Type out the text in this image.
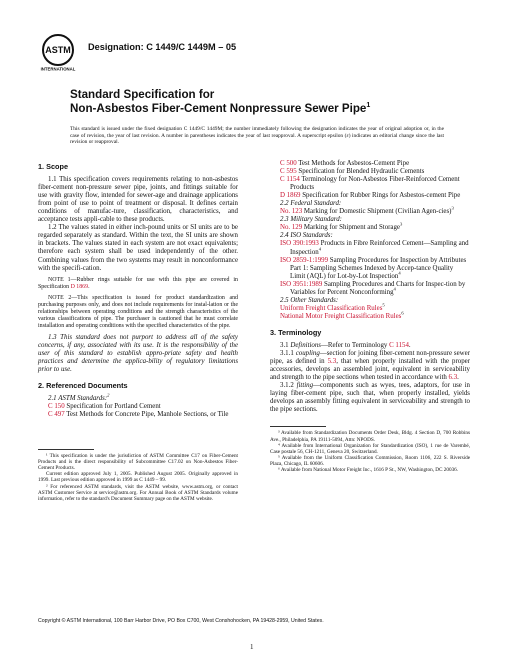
ASTM
INTERNATIONAL
Designation: C 1449/C 1449M – 05
Standard Specification for
Non-Asbestos Fiber-Cement Nonpressure Sewer Pipe$^1$
This standard is issued under the fixed designation C 1449/C 1449M; the number immediately following the designation indicates the year of original adoption or, in the case of revision, the year of last revision. A number in parentheses indicates the year of last reapproval. A superscript epsilon (ε) indicates an editorial change since the last revision or reapproval.
1. Scope

1.1 This specification covers requirements relating to non-asbestos fiber-cement non-pressure sewer pipe, joints, and fittings suitable for use with gravity flow, intended for sewer-age and drainage applications from point of use to point of treatment or disposal. It defines certain conditions of manufac-ture, classification, characteristics, and acceptance tests appli-cable to these products.

1.2 The values stated in either inch-pound units or SI units are to be regarded separately as standard. Within the text, the SI units are shown in brackets. The values stated in each system are not exact equivalents; therefore each system shall be used independently of the other. Combining values from the two systems may result in nonconformance with the specifi-cation.

NOTE 1—Rubber rings suitable for use with this pipe are covered in Specification D 1869.

NOTE 2—This specification is issued for product standardization and purchasing purposes only, and does not include requirements for instal-lation or the relationships between operating conditions and the strength characteristics of the various classifications of pipe. The purchaser is cautioned that he must correlate installation and operating conditions with the specified characteristics of the pipe.

1.3 This standard does not purport to address all of the safety concerns, if any, associated with its use. It is the responsibility of the user of this standard to establish appro-priate safety and health practices and determine the applica-bility of regulatory limitations prior to use.

2. Referenced Documents

2.1 ASTM Standards:$^2$

C 150 Specification for Portland Cement

C 497 Test Methods for Concrete Pipe, Manhole Sections, or Tile

¹ This specification is under the jurisdiction of ASTM Committee C17 on Fiber-Cement Products and is the direct responsibility of Subcommittee C17.02 on Non-Asbestos Fiber-Cement Products.

Current edition approved July 1, 2005. Published August 2005. Originally approved in 1999. Last previous edition approved in 1999 as C 1449 – 99.

² For referenced ASTM standards, visit the ASTM website, www.astm.org, or contact ASTM Customer Service at service@astm.org. For Annual Book of ASTM Standards volume information, refer to the standard's Document Summary page on the ASTM website.

C 500 Test Methods for Asbestos-Cement Pipe

C 595 Specification for Blended Hydraulic Cements

C 1154 Terminology for Non-Asbestos Fiber-Reinforced Cement Products

D 1869 Specification for Rubber Rings for Asbestos-cement Pipe

2.2 Federal Standard:

No. 123 Marking for Domestic Shipment (Civilian Agen-cies)$^3$

2.3 Military Standard:

No. 129 Marking for Shipment and Storage$^3$

2.4 ISO Standards:

ISO 390:1993 Products in Fibre Reinforced Cement—Sampling and Inspection$^4$

ISO 2859-1:1999 Sampling Procedures for Inspection by Attributes Part 1: Sampling Schemes Indexed by Accep-tance Quality Limit (AQL) for Lot-by-Lot Inspection$^4$

ISO 3951:1989 Sampling Procedures and Charts for Inspec-tion by Variables for Percent Nonconforming$^4$

2.5 Other Standards:

Uniform Freight Classification Rules$^5$

National Motor Freight Classification Rules$^6$

3. Terminology

3.1 Definitions—Refer to Terminology C 1154.

3.1.1 coupling—section for joining fiber-cement non-pressure sewer pipe, as defined in 5.3, that when properly installed with the proper accessories, develops an assembled joint, equivalent in serviceability and strength to the pipe sections when tested in accordance with 6.3.

3.1.2 fitting—components such as wyes, tees, adaptors, for use in laying fiber-cement pipe, such that, when properly installed, yields develops an assembly fitting equivalent in serviceability and strength to the pipe sections.

³ Available from Standardization Documents Order Desk, Bldg. 4 Section D, 700 Robbins Ave., Philadelphia, PA 19111-5094, Attn: NPODS.

⁴ Available from International Organization for Standardization (ISO), 1 rue de Varembé, Case postale 56, CH-1211, Geneva 20, Switzerland.

⁵ Available from the Uniform Classification Commission, Room 1106, 222 S. Riverside Plaza, Chicago, IL 60606.

⁶ Available from National Motor Freight Inc., 1616 P St., NW, Washington, DC 20036.

Copyright © ASTM International, 100 Barr Harbor Drive, PO Box C700, West Conshohocken, PA 19428-2959, United States.
1
